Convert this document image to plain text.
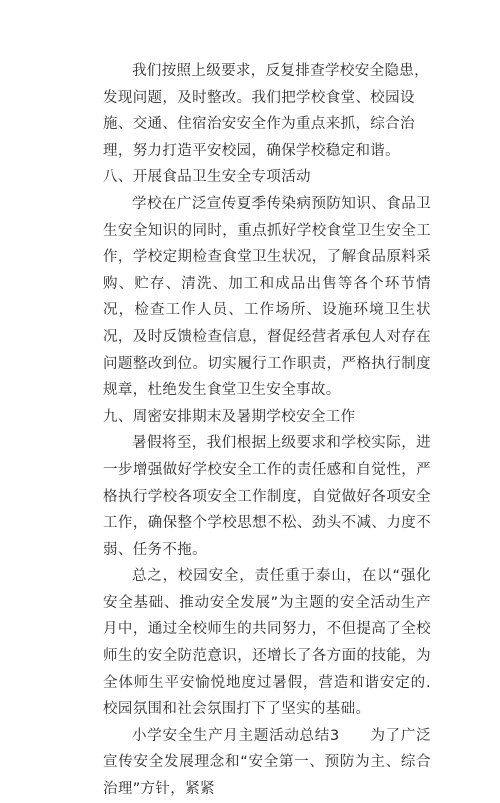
我们按照上级要求，反复排查学校安全隐患，发现问题，及时整改。我们把学校食堂、校园设施、交通、住宿治安安全作为重点来抓，综合治理，努力打造平安校园，确保学校稳定和谐。

八、开展食品卫生安全专项活动

学校在广泛宣传夏季传染病预防知识、食品卫生安全知识的同时，重点抓好学校食堂卫生安全工作，学校定期检查食堂卫生状况，了解食品原料采购、贮存、清洗、加工和成品出售等各个环节情况，检查工作人员、工作场所、设施环境卫生状况，及时反馈检查信息，督促经营者承包人对存在问题整改到位。切实履行工作职责，严格执行制度规章，杜绝发生食堂卫生安全事故。

九、周密安排期末及暑期学校安全工作

暑假将至，我们根据上级要求和学校实际，进一步增强做好学校安全工作的责任感和自觉性，严格执行学校各项安全工作制度，自觉做好各项安全工作，确保整个学校思想不松、劲头不减、力度不弱、任务不拖。

总之，校园安全，责任重于泰山，在以“强化安全基础、推动安全发展”为主题的安全活动生产月中，通过全校师生的共同努力，不但提高了全校师生的安全防范意识，还增长了各方面的技能，为全体师生平安愉悦地度过暑假，营造和谐安定的.校园氛围和社会氛围打下了坚实的基础。

小学安全生产月主题活动总结3　　为了广泛宣传安全发展理念和“安全第一、预防为主、综合治理”方针，紧紧
